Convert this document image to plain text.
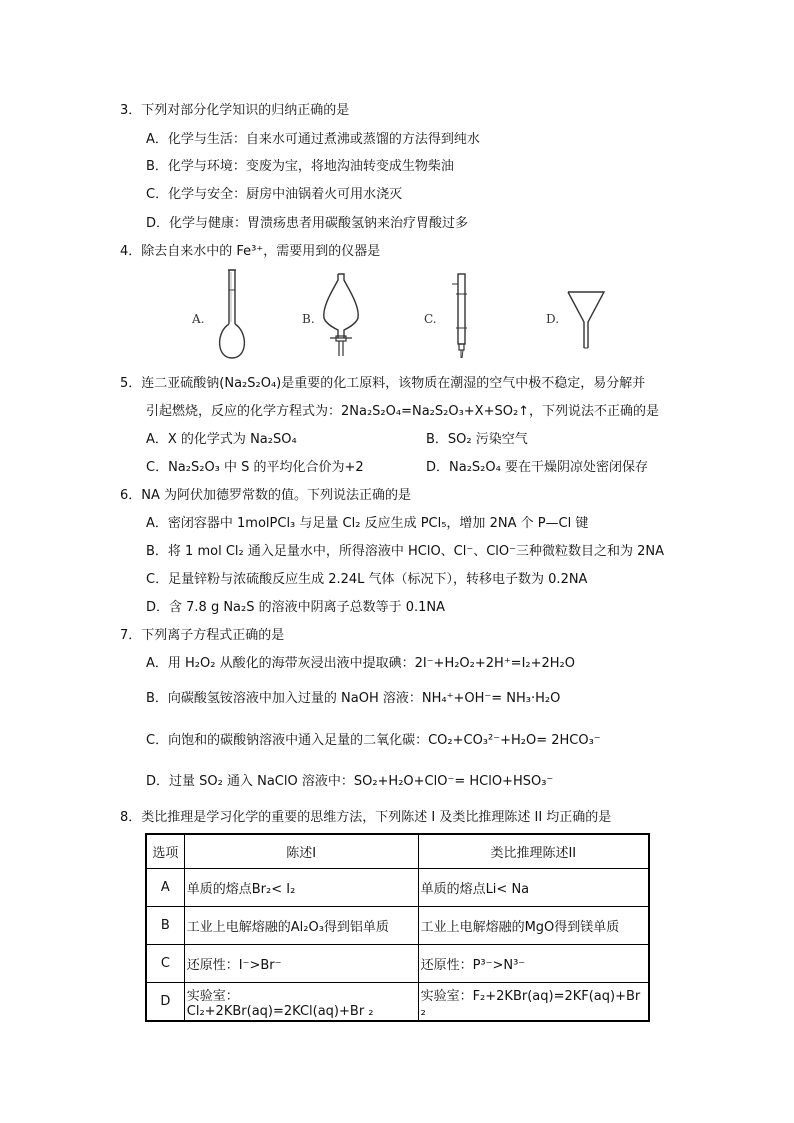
3．下列对部分化学知识的归纳正确的是
A．化学与生活：自来水可通过煮沸或蒸馏的方法得到纯水
B．化学与环境：变废为宝，将地沟油转变成生物柴油
C．化学与安全：厨房中油锅着火可用水浇灭
D．化学与健康：胃溃疡患者用碳酸氢钠来治疗胃酸过多
4．除去自来水中的 Fe³⁺，需要用到的仪器是
A.	B.	C.	D.
5．连二亚硫酸钠(Na₂S₂O₄)是重要的化工原料，该物质在潮湿的空气中极不稳定，易分解并
引起燃烧，反应的化学方程式为：2Na₂S₂O₄=Na₂S₂O₃+X+SO₂↑，下列说法不正确的是
A．X 的化学式为 Na₂SO₄	B．SO₂ 污染空气
C．Na₂S₂O₃ 中 S 的平均化合价为+2	D．Na₂S₂O₄ 要在干燥阴凉处密闭保存
6．NA 为阿伏加德罗常数的值。下列说法正确的是
A．密闭容器中 1molPCl₃ 与足量 Cl₂ 反应生成 PCl₅，增加 2NA 个 P—Cl 键
B．将 1 mol Cl₂ 通入足量水中，所得溶液中 HClO、Cl⁻、ClO⁻三种微粒数目之和为 2NA
C．足量锌粉与浓硫酸反应生成 2.24L 气体（标况下），转移电子数为 0.2NA
D．含 7.8 g Na₂S 的溶液中阴离子总数等于 0.1NA
7．下列离子方程式正确的是
A．用 H₂O₂ 从酸化的海带灰浸出液中提取碘：2I⁻+H₂O₂+2H⁺=I₂+2H₂O
B．向碳酸氢铵溶液中加入过量的 NaOH 溶液：NH₄⁺+OH⁻= NH₃·H₂O
C．向饱和的碳酸钠溶液中通入足量的二氧化碳：CO₂+CO₃²⁻+H₂O= 2HCO₃⁻
D．过量 SO₂ 通入 NaClO 溶液中：SO₂+H₂O+ClO⁻= HClO+HSO₃⁻
8．类比推理是学习化学的重要的思维方法，下列陈述 I 及类比推理陈述 II 均正确的是
选项	陈述I	类比推理陈述II
A	单质的熔点Br₂< I₂	单质的熔点Li< Na
B	工业上电解熔融的Al₂O₃得到铝单质	工业上电解熔融的MgO得到镁单质
C	还原性：I⁻>Br⁻	还原性：P³⁻>N³⁻
D	实验室：Cl₂+2KBr(aq)=2KCl(aq)+Br ₂	实验室：F₂+2KBr(aq)=2KF(aq)+Br ₂
